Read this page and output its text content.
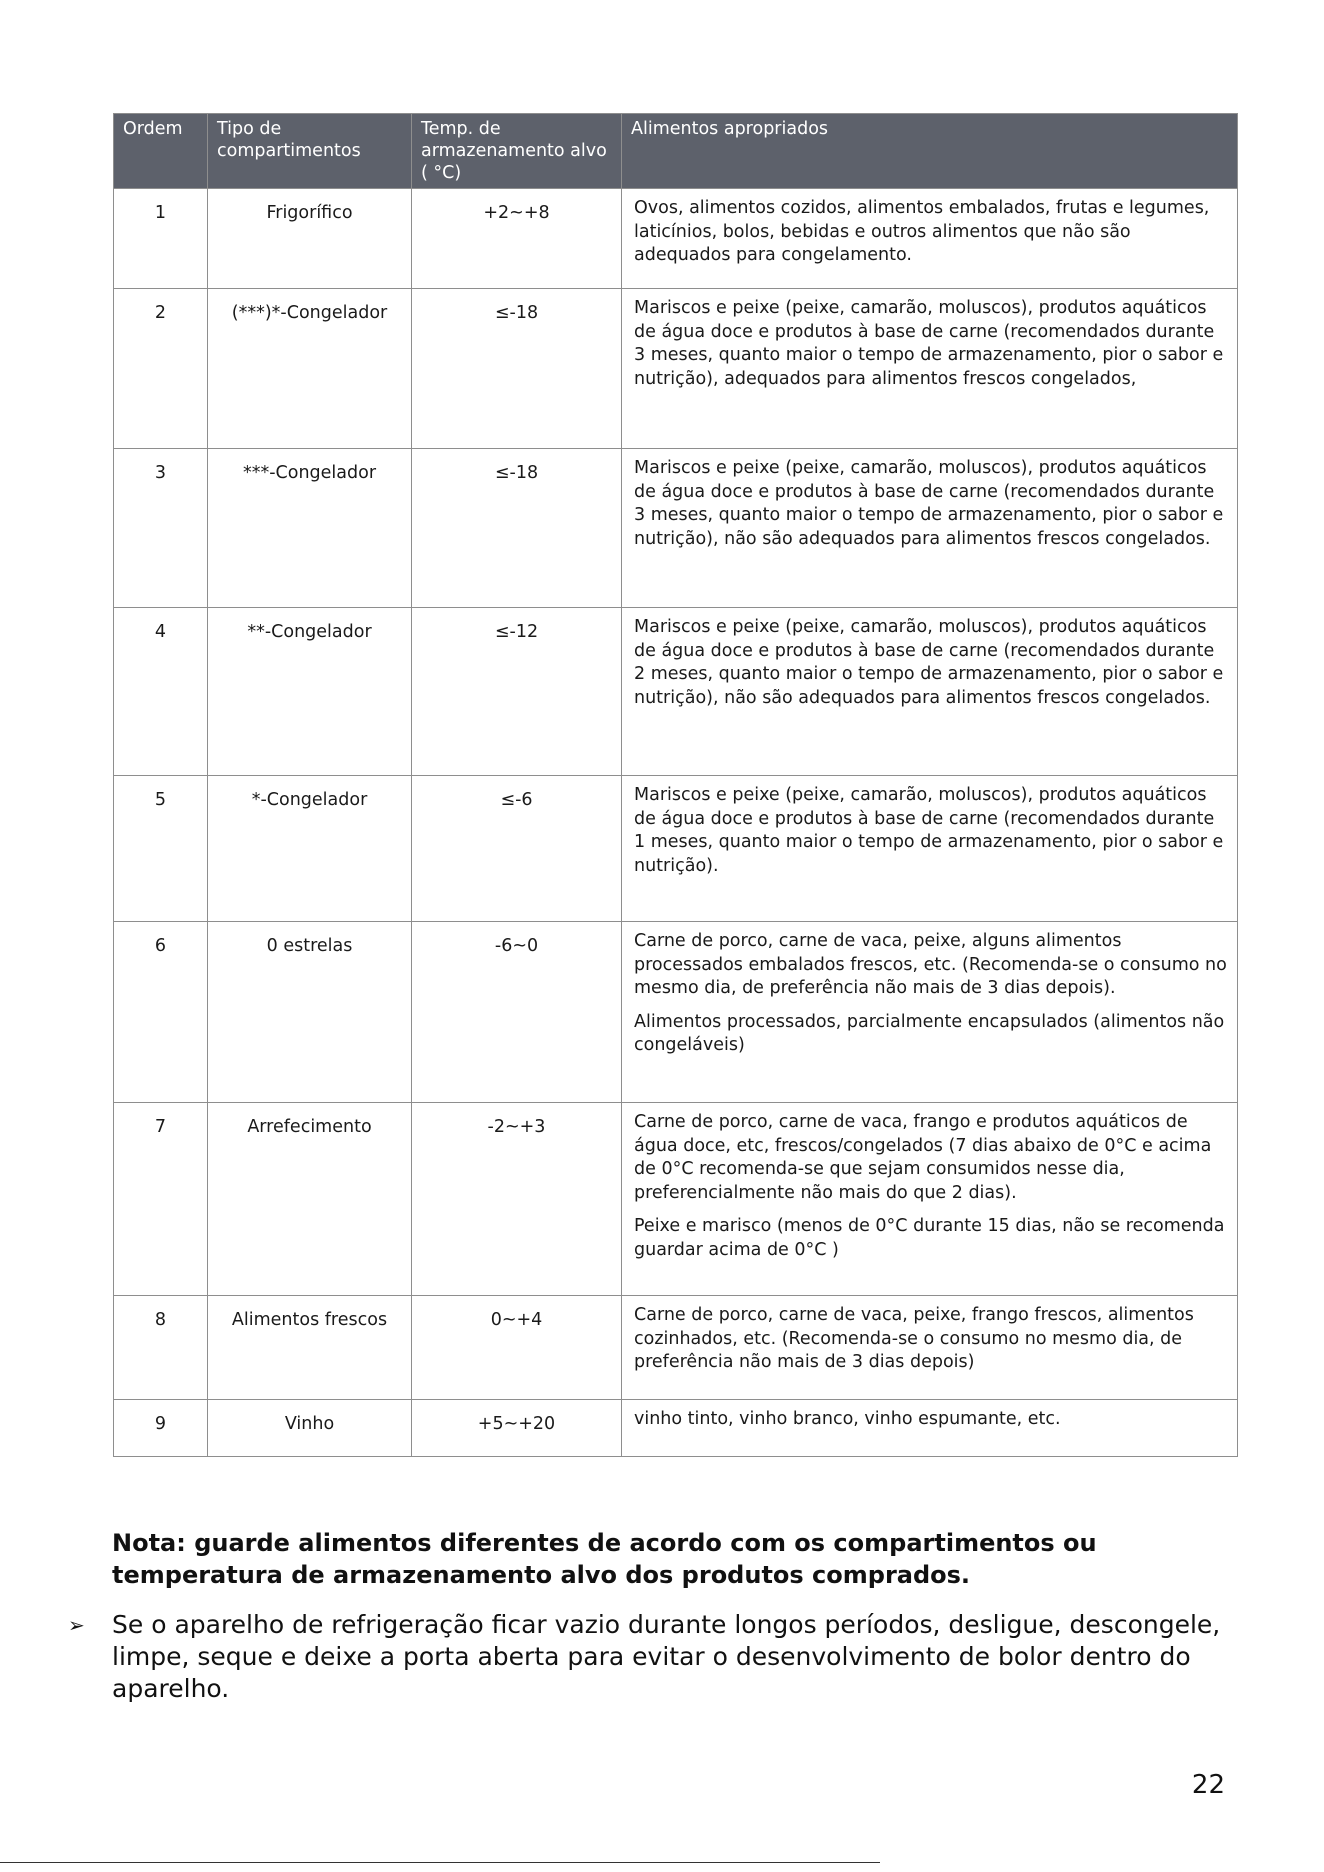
Ordem	Tipo de compartimentos	Temp. de armazenamento alvo ( °C)	Alimentos apropriados
1	Frigorífico	+2~+8	Ovos, alimentos cozidos, alimentos embalados, frutas e legumes, laticínios, bolos, bebidas e outros alimentos que não são adequados para congelamento.

2	(***)*-Congelador	≤-18	Mariscos e peixe (peixe, camarão, moluscos), produtos aquáticos de água doce e produtos à base de carne (recomendados durante 3 meses, quanto maior o tempo de armazenamento, pior o sabor e nutrição), adequados para alimentos frescos congelados,

3	***-Congelador	≤-18	Mariscos e peixe (peixe, camarão, moluscos), produtos aquáticos de água doce e produtos à base de carne (recomendados durante 3 meses, quanto maior o tempo de armazenamento, pior o sabor e nutrição), não são adequados para alimentos frescos congelados.

4	**-Congelador	≤-12	Mariscos e peixe (peixe, camarão, moluscos), produtos aquáticos de água doce e produtos à base de carne (recomendados durante 2 meses, quanto maior o tempo de armazenamento, pior o sabor e nutrição), não são adequados para alimentos frescos congelados.

5	*-Congelador	≤-6	Mariscos e peixe (peixe, camarão, moluscos), produtos aquáticos de água doce e produtos à base de carne (recomendados durante 1 meses, quanto maior o tempo de armazenamento, pior o sabor e nutrição).

6	0 estrelas	-6~0	Carne de porco, carne de vaca, peixe, alguns alimentos processados embalados frescos, etc. (Recomenda-se o consumo no mesmo dia, de preferência não mais de 3 dias depois).

Alimentos processados, parcialmente encapsulados (alimentos não congeláveis)

7	Arrefecimento	-2~+3	Carne de porco, carne de vaca, frango e produtos aquáticos de água doce, etc, frescos/congelados (7 dias abaixo de 0°C e acima de 0°C recomenda-se que sejam consumidos nesse dia, preferencialmente não mais do que 2 dias).

Peixe e marisco (menos de 0°C durante 15 dias, não se recomenda guardar acima de 0°C )

8	Alimentos frescos	0~+4	Carne de porco, carne de vaca, peixe, frango frescos, alimentos cozinhados, etc. (Recomenda-se o consumo no mesmo dia, de preferência não mais de 3 dias depois)

9	Vinho	+5~+20	vinho tinto, vinho branco, vinho espumante, etc.

Nota: guarde alimentos diferentes de acordo com os compartimentos ou temperatura de armazenamento alvo dos produtos comprados.
➢ Se o aparelho de refrigeração ficar vazio durante longos períodos, desligue, descongele, limpe, seque e deixe a porta aberta para evitar o desenvolvimento de bolor dentro do aparelho.
22
